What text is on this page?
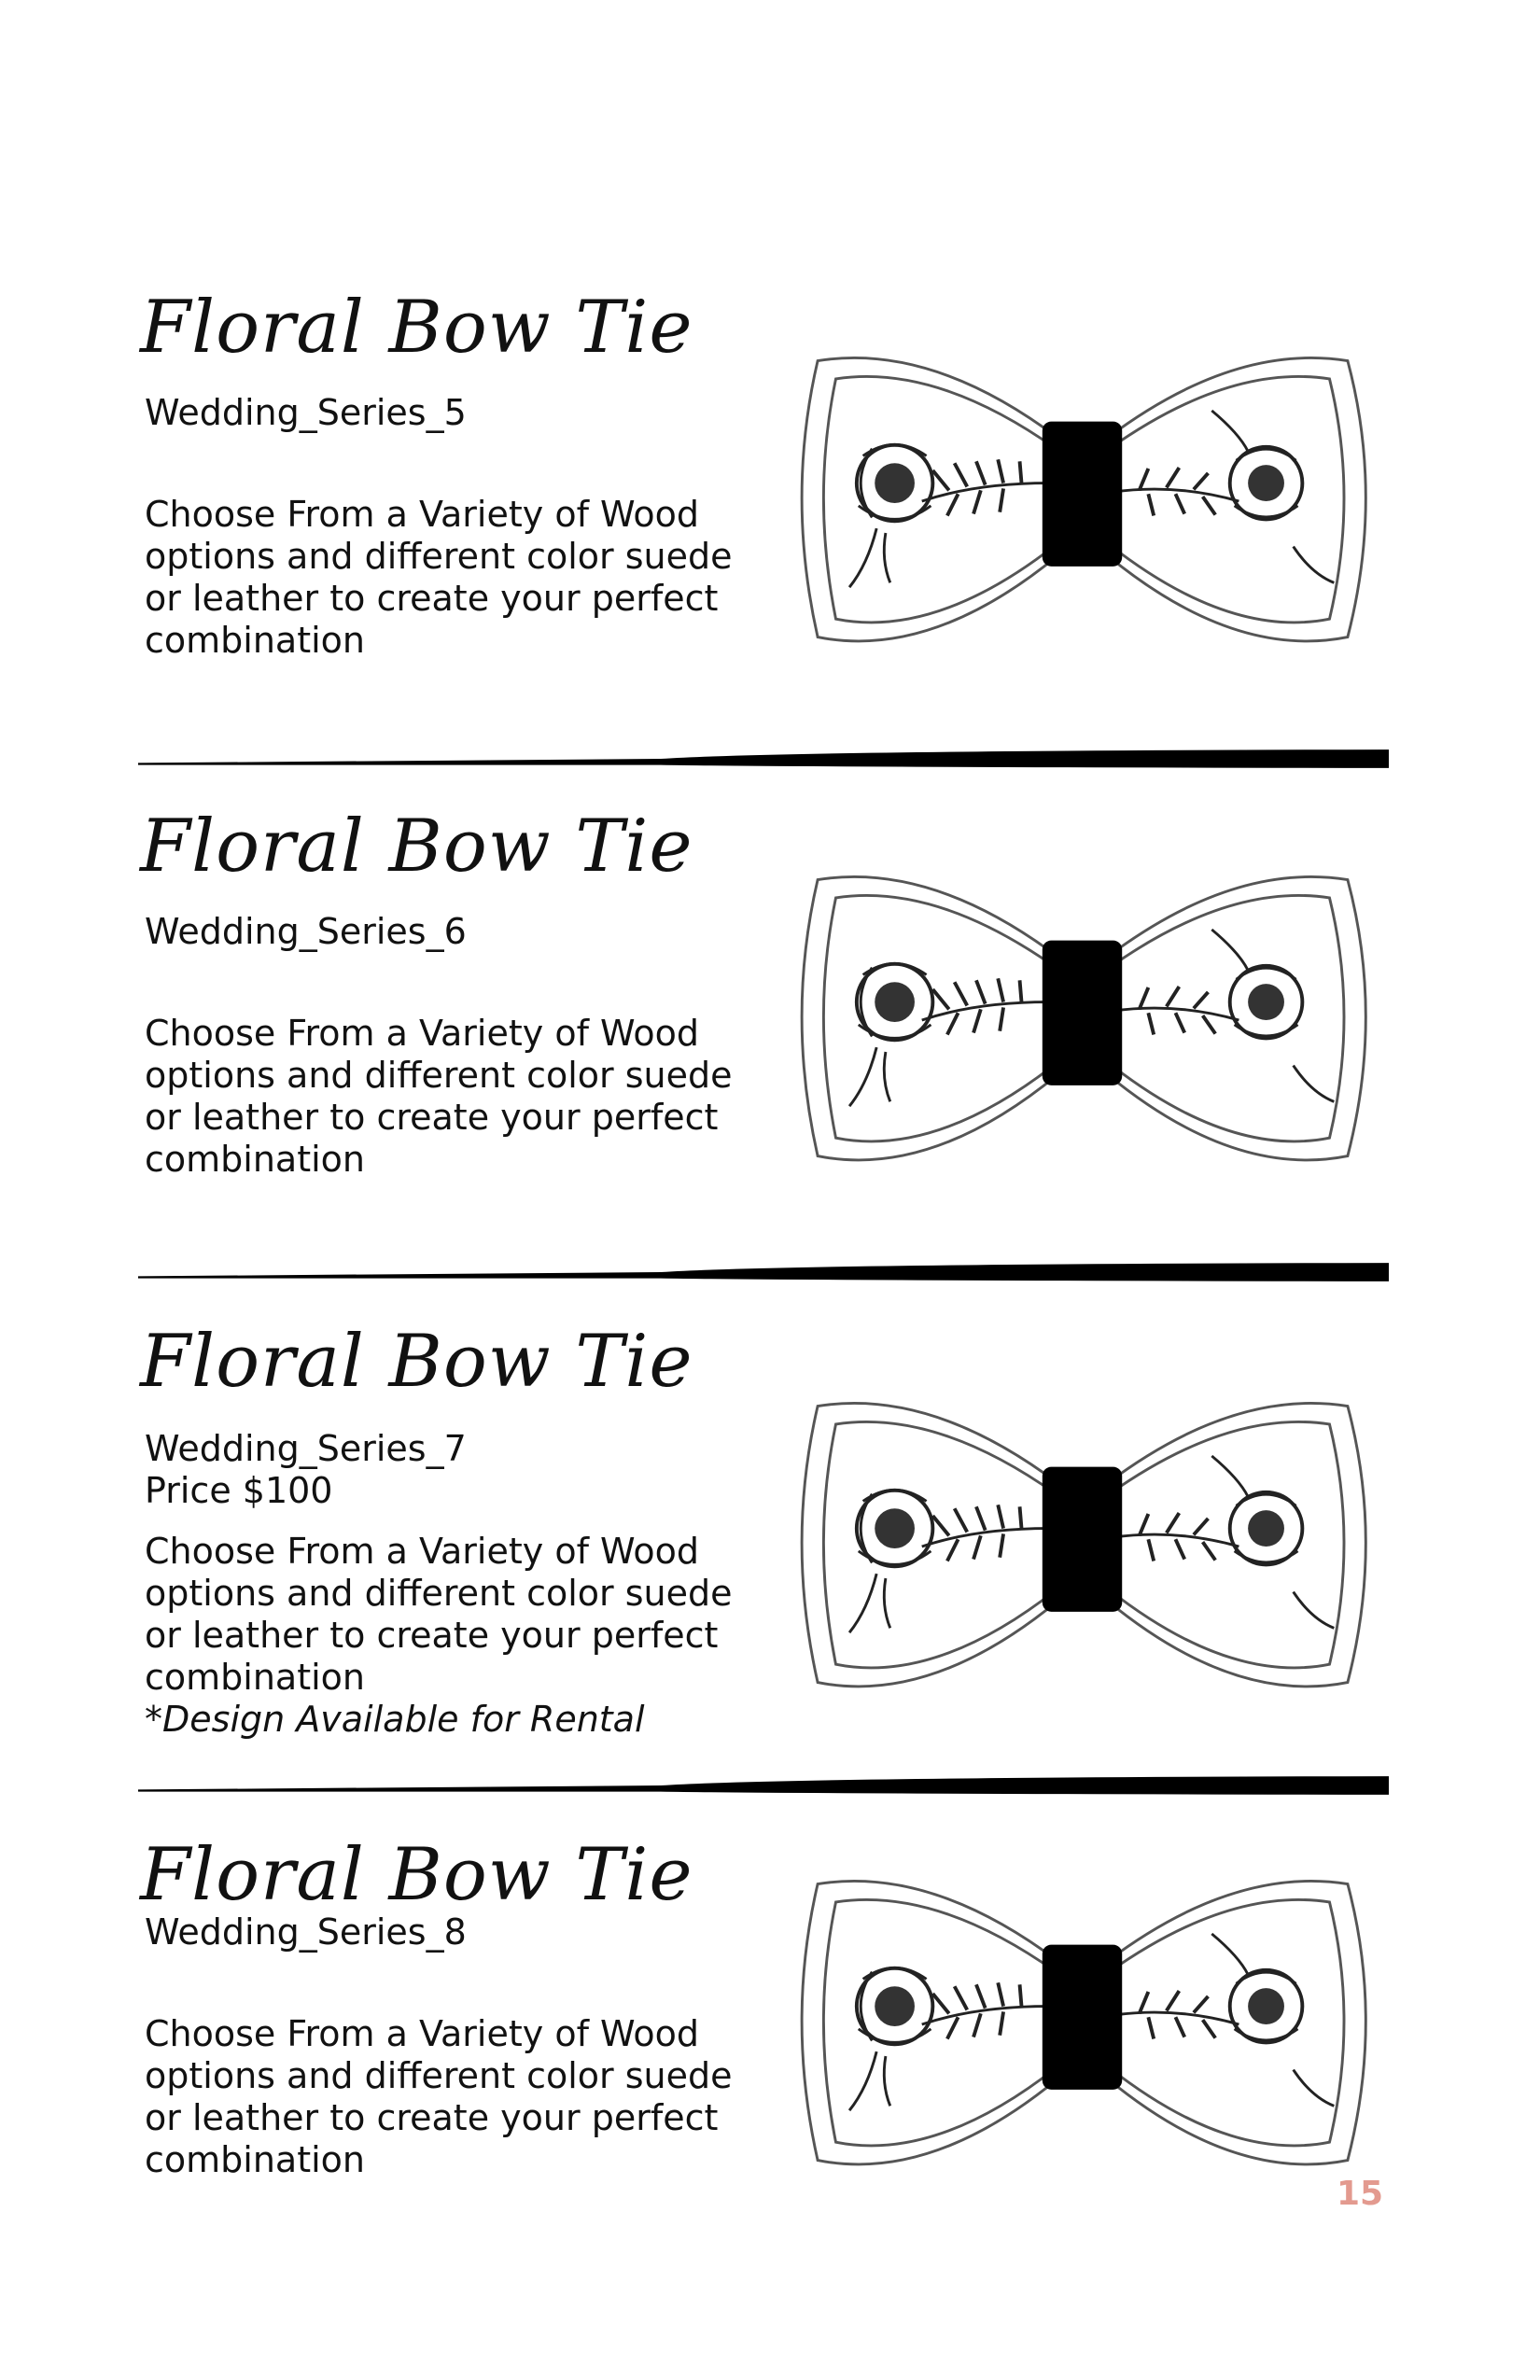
Floral Bow Tie

Wedding_Series_5

Choose From a Variety of Wood options and different color suede or leather to create your perfect combination

Floral Bow Tie

Wedding_Series_6

Choose From a Variety of Wood options and different color suede or leather to create your perfect combination

Floral Bow Tie

Wedding_Series_7

Price $100

Choose From a Variety of Wood options and different color suede or leather to create your perfect combination

*Design Available for Rental

Floral Bow Tie

Wedding_Series_8

Choose From a Variety of Wood options and different color suede or leather to create your perfect combination

15
